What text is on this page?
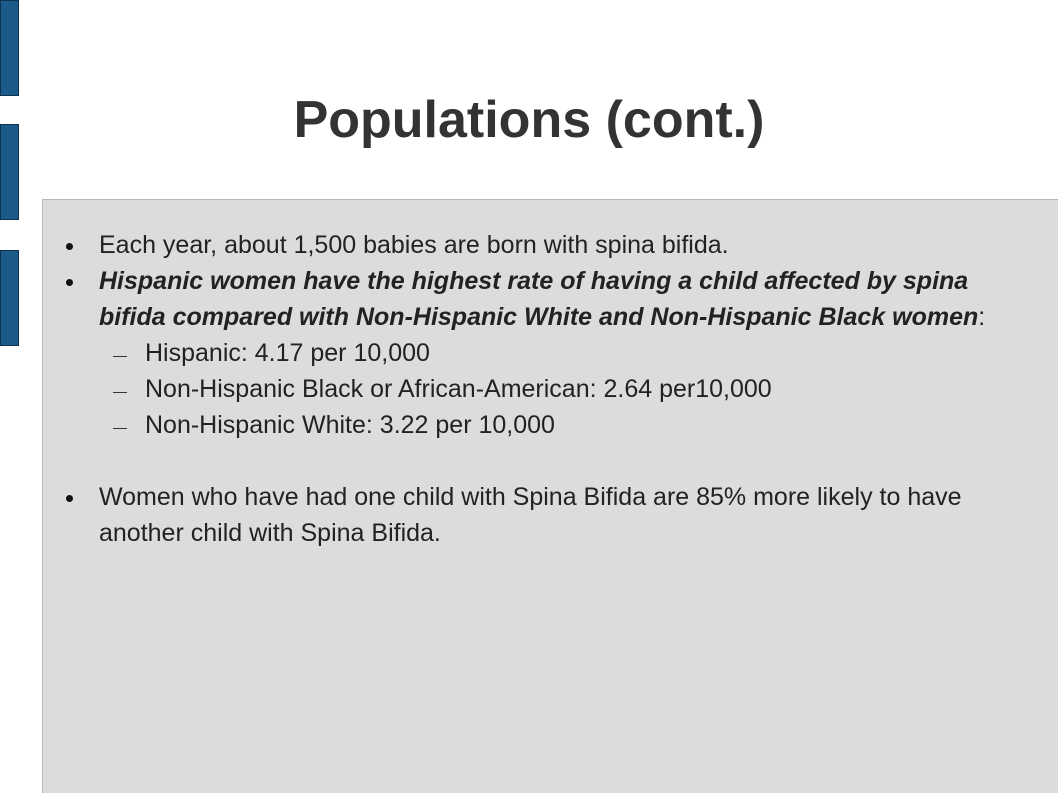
Populations (cont.)
Each year, about 1,500 babies are born with spina bifida.
Hispanic women have the highest rate of having a child affected by spina bifida compared with Non-Hispanic White and Non-Hispanic Black women:
Hispanic: 4.17 per 10,000
Non-Hispanic Black or African-American: 2.64 per10,000
Non-Hispanic White: 3.22 per 10,000
Women who have had one child with Spina Bifida are 85% more likely to have another child with Spina Bifida.
